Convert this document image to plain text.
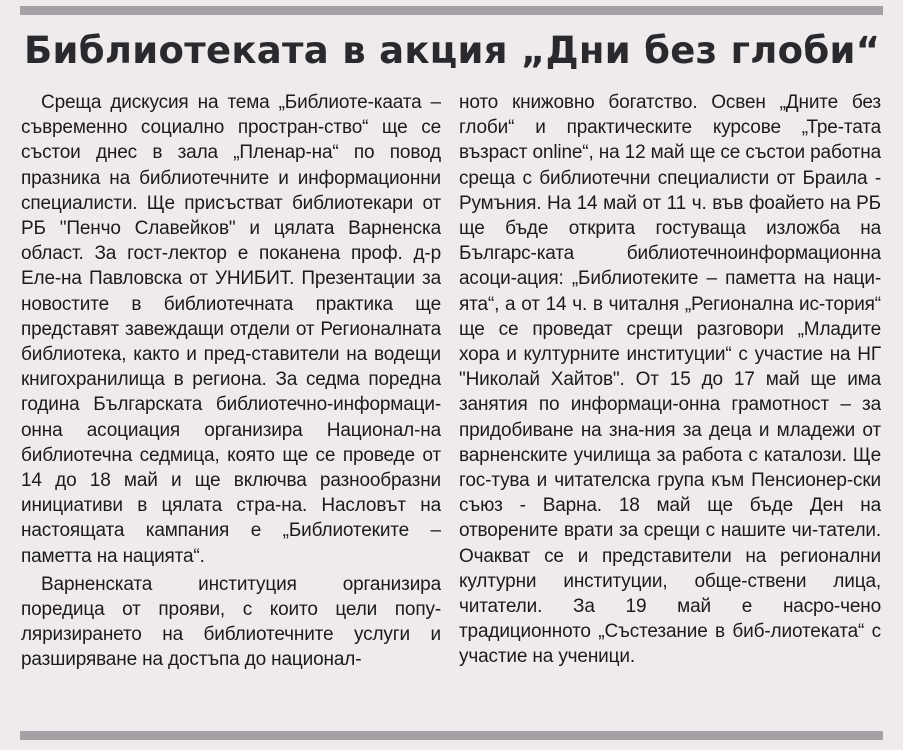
Библиотеката в акция „Дни без глоби“

Среща дискусия на тема „Библиоте-каата – съвременно социално простран-ство“ ще се състои днес в зала „Пленар-на“ по повод празника на библиотечните и информационни специалисти. Ще присъстват библиотекари от РБ "Пенчо Славейков" и цялата Варненска област. За гост-лектор е поканена проф. д-р Еле-на Павловска от УНИБИТ. Презентации за новостите в библиотечната практика ще представят завеждащи отдели от Регионалната библиотека, както и пред-ставители на водещи книгохранилища в региона. За седма поредна година Българската библиотечно-информаци-онна асоциация организира Национал-на библиотечна седмица, която ще се проведе от 14 до 18 май и ще включва разнообразни инициативи в цялата стра-на. Насловът на настоящата кампания е „Библиотеките – паметта на нацията“.

Варненската институция организира поредица от прояви, с които цели попу-ляризирането на библиотечните услуги и разширяване на достъпа до национал-

ното книжовно богатство. Освен „Дните без глоби“ и практическите курсове „Тре-тата възраст online“, на 12 май ще се състои работна среща с библиотечни специалисти от Браила - Румъния. На 14 май от 11 ч. във фоайето на РБ ще бъде открита гостуваща изложба на Българс-ката библиотечноинформационна асоци-ация: „Библиотеките – паметта на наци-ята“, а от 14 ч. в читалня „Регионална ис-тория“ ще се проведат срещи разговори „Младите хора и културните институции“ с участие на НГ "Николай Хайтов". От 15 до 17 май ще има занятия по информаци-онна грамотност – за придобиване на зна-ния за деца и младежи от варненските училища за работа с каталози. Ще гос-тува и читателска група към Пенсионер-ски съюз - Варна. 18 май ще бъде Ден на отворените врати за срещи с нашите чи-татели. Очакват се и представители на регионални културни институции, обще-ствени лица, читатели. За 19 май е насро-чено традиционното „Състезание в биб-лиотеката“ с участие на ученици.
